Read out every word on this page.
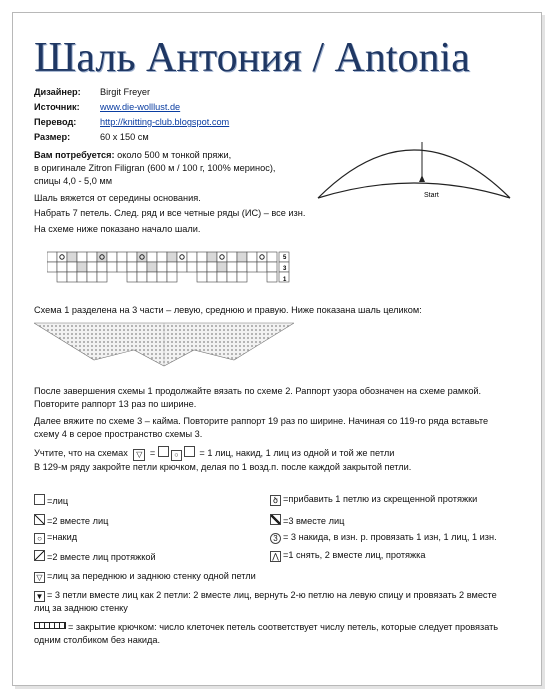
Шаль Антония / Antonia
Дизайнер: Birgit Freyer
Источник: www.die-wolllust.de
Перевод:	http://knitting-club.blogspot.com
Размер:	60 х 150 см
Вам потребуется: около 500 м тонкой пряжи,
в оригинале Zitron Filigran (600 м / 100 г, 100% меринос),
спицы 4,0 - 5,0 мм
Start
Шаль вяжется от середины основания.
Набрать 7 петель. След. ряд и все четные ряды (ИС) – все изн.
На схеме ниже показано начало шали.
5
3
1
Схема 1 разделена на 3 части – левую, среднюю и правую. Ниже показана шаль целиком:
После завершения схемы 1 продолжайте вязать по схеме 2. Раппорт узора обозначен на схеме рамкой.
Повторите раппорт 13 раз по ширине.
Далее вяжите по схеме 3 – кайма. Повторите раппорт 19 раз по ширине. Начиная со 119-го ряда вставьте
схему 4 в серое пространство схемы 3.
Учтите, что на схемах ▽ =	○ = 1 лиц, накид, 1 лиц из одной и той же петли
В 129-м ряду закройте петли крючком, делая по 1 возд.п. после каждой закрытой петли.
=лиц
=2 вместе лиц
○ =накид
=2 вместе лиц протяжкой
▽ =лиц за переднюю и заднюю стенку одной петли
▼ = 3 петли вместе лиц как 2 петли: 2 вместе лиц, вернуть 2-ю петлю на левую спицу и провязать 2 вместе
лиц за заднюю стенку
= закрытие крючком: число клеточек петель соответствует числу петель, которые следует провязать
одним столбиком без накида.
ծ =прибавить 1 петлю из скрещенной протяжки
=3 вместе лиц
3 = 3 накида, в изн. р. провязать 1 изн, 1 лиц, 1 изн.
⋀ =1 снять, 2 вместе лиц, протяжка
